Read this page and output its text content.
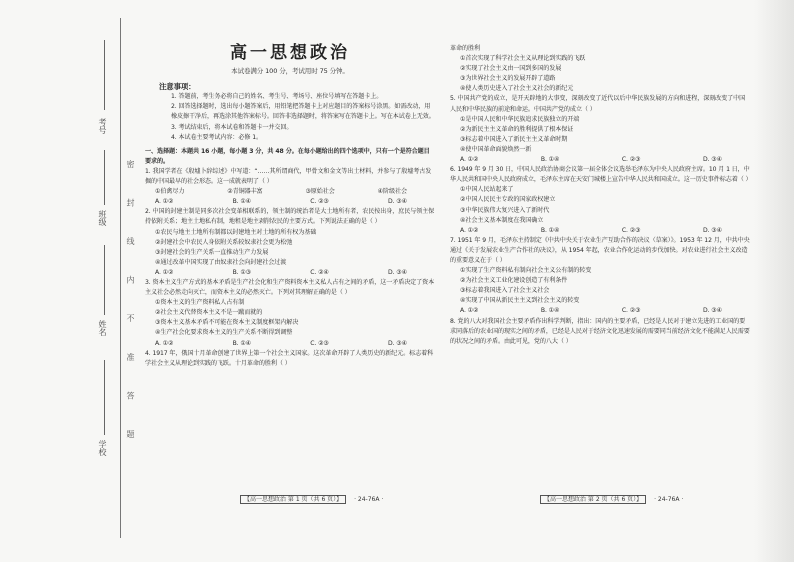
考号
班级
姓名
学校 密 封 线 内 不 准 答 题
高一思想政治
本试卷满分 100 分，考试用时 75 分钟。
注意事项：
1. 答题前，考生务必将自己的姓名、考生号、考场号、座位号填写在答题卡上。
2. 回答选择题时，选出每小题答案后，用铅笔把答题卡上对应题目的答案标号涂黑。如需改动，用橡皮擦干净后，再选涂其他答案标号。回答非选择题时，将答案写在答题卡上。写在本试卷上无效。
3. 考试结束后，将本试卷和答题卡一并交回。
4. 本试卷主要考试内容：必修 1。
一、选择题：本题共 16 小题，每小题 3 分，共 48 分。在每小题给出的四个选项中，只有一个是符合题目要求的。
1. 我国学者在《殷墟卜辞综述》中写道：“……其所谓商代，甲骨文和金文等出土材料，并参与了殷墟考古发掘的中国最早的社会形态。这一成就表明了（ ）
①伯禽尽力	②青铜器丰富	③原始社会	④阶级社会
A. ①②	B. ①④	C. ②③	D. ③④
2. 中国的封建主制是同多次社会变革相联系的，领主制的统治者是大土地所有者，农民按出身，庶民与领主保持依附关系；地主土地私有制，地租是地主剥削农民的主要方式。下列说法正确的是（ ）
①农民与地主土地所有制都以封建地主对土地的所有权为基础
②封建社会中农民人身依附关系较奴隶社会更为松弛
③封建社会的生产关系一直推动生产力发展
④通过改革中国实现了由奴隶社会向封建社会过渡
A. ①②	B. ①③	C. ②④	D. ③④
3. 资本主义生产方式的基本矛盾是生产社会化和生产资料资本主义私人占有之间的矛盾，这一矛盾决定了资本主义社会必然走向灭亡，而资本主义的必然灭亡。下列对其理解正确的是（ ）
①资本主义的生产资料私人占有制
②社会主义代替资本主义不是一蹴而就的
③资本主义基本矛盾不可能在资本主义制度框架内解决
④生产社会化要求资本主义的生产关系不断得到调整
A. ①②	B. ①④	C. ②③	D. ③④
4. 1917 年，俄国十月革命创建了世界上第一个社会主义国家。这次革命开辟了人类历史的新纪元。标志着科学社会主义从理论到实践的飞跃。十月革命的胜利（ ）
【高一思想政治 第 1 页（共 6 页）】 · 24-76A ·
革命的胜利
①首次实现了科学社会主义从理论到实践的飞跃
②实现了社会主义由一国到多国的发展
③为世界社会主义的发展开辟了道路
④使人类历史进入了社会主义社会的新纪元
5. 中国共产党的成立，是开天辟地的大事变，深刻改变了近代以后中华民族发展的方向和进程，深刻改变了中国人民和中华民族的前途和命运。中国共产党的成立（ ）
①是中国人民和中华民族追求民族独立的开端
②为新民主主义革命的胜利提供了根本保证
③标志着中国进入了新民主主义革命时期
④使中国革命面貌焕然一新
A. ①②	B. ①④	C. ②③	D. ③④
6. 1949 年 9 月 30 日，中国人民政治协商会议第一届全体会议选举毛泽东为中央人民政府主席。10 月 1 日，中华人民共和国中央人民政府成立，毛泽东主席在天安门城楼上宣告中华人民共和国成立。这一历史事件标志着（ ）
①中国人民站起来了
②中国人民民主专政的国家政权建立
③中华民族伟大复兴进入了新时代
④社会主义基本制度在我国确立
A. ①②	B. ①④	C. ②③	D. ③④
7. 1951 年 9 月，毛泽东主持制定《中共中央关于农业生产互助合作的决议（草案）》。1953 年 12 月，中共中央通过《关于发展农业生产合作社的决议》，从 1954 年起，农业合作化运动的步伐加快。对农业进行社会主义改造的重要意义在于（ ）
①实现了生产资料私有制向社会主义公有制的转变
②为社会主义工业化建设创造了有利条件
③标志着我国进入了社会主义社会
④实现了中国从新民主主义到社会主义的转变
A. ①②	B. ①④	C. ②③	D. ③④
8. 党的八大对我国社会主要矛盾作出科学判断，指出：国内的主要矛盾，已经是人民对于建立先进的工业国的要求同落后的农业国的现实之间的矛盾，已经是人民对于经济文化迅速发展的需要同当前经济文化不能满足人民需要的状况之间的矛盾。由此可见，党的八大（ ）
【高一思想政治 第 2 页（共 6 页）】 · 24-76A ·
